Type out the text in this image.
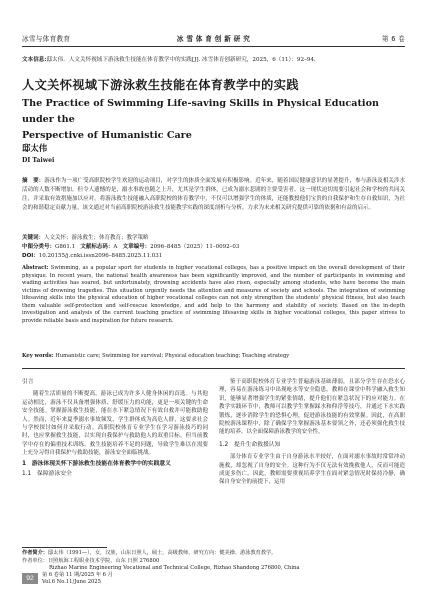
冰雪与体育教育	冰 雪 体 育 创 新 研 究	第 6 卷
文本信息:邸太伟．人文关怀视域下游泳救生技能在体育教学中的实践[J]. 冰雪体育创新研究，2025，6（11）：92–94.
人文关怀视域下游泳救生技能在体育教学中的实践
The Practice of Swimming Life-saving Skills in Physical Education under the
Perspective of Humanistic Care
邸太伟
DI Taiwei
摘　要：游泳作为一项广受高职院校学生欢迎的运动项目，对学生的体质全面发展有积极影响。近年来，随着国民健康意识的显著提升，参与游泳及相关涉水活动的人数不断增加。但令人遗憾的是，溺水事故也随之上升，尤其是学生群体，已成为溺水悲剧的主要受害者。这一现状迫切需要引起社会和学校的共同关注，并采取有效措施加以应对。将游泳救生技能融入高职院校的体育教学中，不仅可以增强学生的体质，还能教授他们宝贵的自我保护和生存自救知识，为社会的和谐稳定贡献力量。该文通过对当前高职院校游泳救生技能教学实践的深度剖析与分析，力求为未来相关研究提供可靠的依据和有益的启示。
关键词：人文关怀；游泳救生；体育教育；教学策略
中图分类号：G861.1 文献标志码：A 文章编号：2096–8485（2025）11–0092–03
DOI：10.20155/j.cnki.issn2096–8485.2025.11.031
Abstract: Swimming, as a popular sport for students in higher vocational colleges, has a positive impact on the overall development of their physique. In recent years, the national health awareness has been significantly improved, and the number of participants in swimming and wading activities has soared, but unfortunately, drowning accidents have also risen, especially among students, who have become the main victims of drowning tragedies. This situation urgently needs the attention and measures of society and schools. The integration of swimming lifesaving skills into the physical education of higher vocational colleges can not only strengthen the students' physical fitness, but also teach them valuable self-protection and self-rescue knowledge, and add help to the harmony and stability of society. Based on the in-depth investigation and analysis of the current teaching practice of swimming lifesaving skills in higher vocational colleges, this paper strives to provide reliable basis and inspiration for future research.
Key words: Humanistic care; Swimming for survival; Physical education teaching; Teaching strategy
引言

随着生活质量的不断提高，游泳已成为许多人健身休闲的首选。与其他运动相比，游泳不仅具备增强体质、舒缓压力的功能，更是一项关键的生命安全技能。掌握游泳救生技能，能在水下紧急情况下有效自救并可能救助他人。然而，近年来夏季溺水事故频发，学生群体成为高危人群，这要求社会与学校探讨如何并采取行动。高职院校体育专业学生在学习游泳技巧的同时，也应掌握救生技能，以实现自我保护与救助他人的双重目标。但当前教学中存在的偏重技术训练、救生技能培养不足的问题，导致学生难以在需要上充分习得自我保护与救助技能，游泳安全面临挑战。

1　游泳体现关怀下游泳救生技能在体育教学中的实践意义
1.1　保障游泳安全

鉴于高职院校体育专业学生普遍游泳基础薄弱，且部分学生存在恐水心理，容易在游泳练习中出现呛水等安全隐患。教师在课堂中科学融入救生知识，能够显著增强学生的紧张情绪，提升他们在紧急状况下的应对能力。在教学实践环节中，教师可以教学生掌握踩水和仰浮等技巧，并通过下水实践锻炼，逐步消除学生的恐惧心理，促进游泳技能的有效掌握。因此，在高职院校游泳课程中，除了确保学生掌握游泳基本要领之外，还必须强化救生技能的培养，以全面保障游泳教学的安全性。

1.2　提升生命救援认知

部分体育专业学生由于自身游泳水平较好，在面对溺水事故时常常冲动施救，却忽视了自身的安全。这种行为不仅无法有效挽救他人，反而可能造成更多伤亡。因此，教师需要重视培养学生在面对紧急情况时保持冷静，确保自身安全的前提下，运用

作者简介：邸太伟（1991—），女，汉族，山东日照人，硕士，高级教师，研究方向：健美操、游泳教育教学。
作者单位：日照航海工程职业技术学院，山东 日照 276800
Rizhao Marine Engineering Vocational and Technical College, Rizhao Shandong 276800, China
92	第 6 卷第 11 期/2025 年 6 月
Vol.6 No.11/June 2025
